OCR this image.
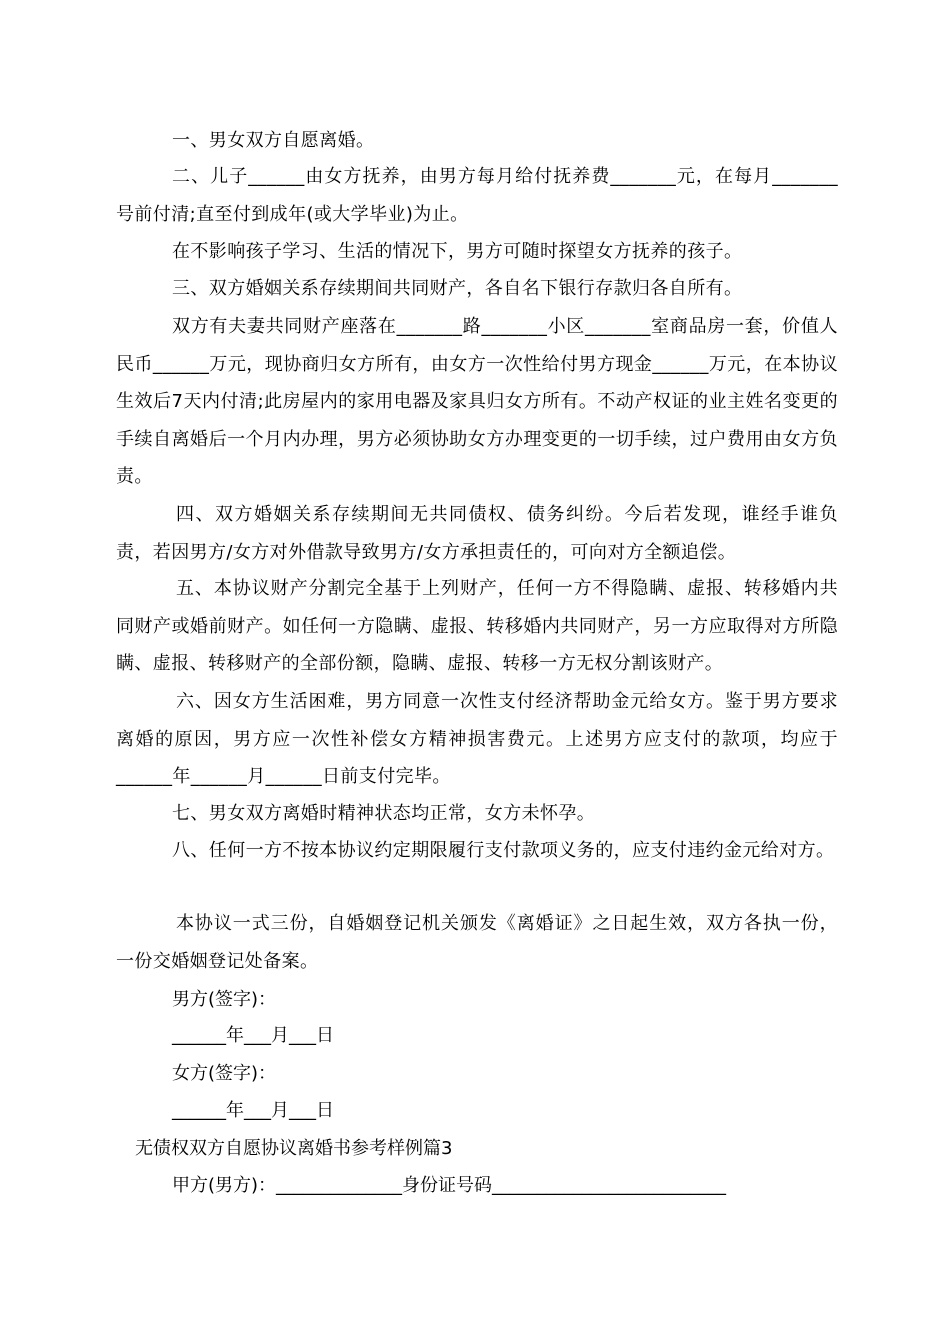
一、男女双方自愿离婚。
二、儿子______由女方抚养，由男方每月给付抚养费_______元，在每月_______号前付清;直至付到成年(或大学毕业)为止。
在不影响孩子学习、生活的情况下，男方可随时探望女方抚养的孩子。
三、双方婚姻关系存续期间共同财产，各自名下银行存款归各自所有。
双方有夫妻共同财产座落在_______路_______小区_______室商品房一套，价值人民币______万元，现协商归女方所有，由女方一次性给付男方现金______万元，在本协议生效后7天内付清;此房屋内的家用电器及家具归女方所有。不动产权证的业主姓名变更的手续自离婚后一个月内办理，男方必须协助女方办理变更的一切手续，过户费用由女方负责。
四、双方婚姻关系存续期间无共同债权、债务纠纷。今后若发现，谁经手谁负责，若因男方/女方对外借款导致男方/女方承担责任的，可向对方全额追偿。
五、本协议财产分割完全基于上列财产，任何一方不得隐瞒、虚报、转移婚内共同财产或婚前财产。如任何一方隐瞒、虚报、转移婚内共同财产，另一方应取得对方所隐瞒、虚报、转移财产的全部份额，隐瞒、虚报、转移一方无权分割该财产。
六、因女方生活困难，男方同意一次性支付经济帮助金元给女方。鉴于男方要求离婚的原因，男方应一次性补偿女方精神损害费元。上述男方应支付的款项，均应于______年______月______日前支付完毕。
七、男女双方离婚时精神状态均正常，女方未怀孕。
八、任何一方不按本协议约定期限履行支付款项义务的，应支付违约金元给对方。
本协议一式三份，自婚姻登记机关颁发《离婚证》之日起生效，双方各执一份，一份交婚姻登记处备案。
男方(签字)：
______年___月___日
女方(签字)：
______年___月___日
无债权双方自愿协议离婚书参考样例篇3
甲方(男方)：______________身份证号码__________________________
